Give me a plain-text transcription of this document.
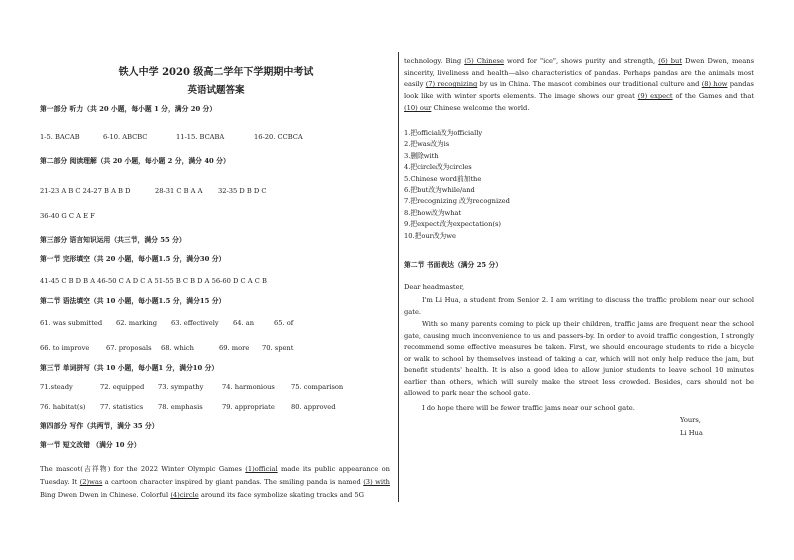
铁人中学 2020 级高二学年下学期期中考试
英语试题答案
第一部分 听力（共 20 小题，每小题 1 分，满分 20 分）
1-5. BACAB	6-10. ABCBC	11-15. BCABA	16-20. CCBCA
第二部分 阅读理解（共 20 小题，每小题 2 分，满分 40 分）
21-23 A B C 24-27 B A B D	28-31 C B A A 32-35 D B D C
36-40 G C A E F
第三部分 语言知识运用（共三节，满分 55 分）
第一节 完形填空（共 20 小题，每小题1.5 分，满分30 分）
41-45 C B D B A 46-50 C A D C A 51-55 B C B D A 56-60 D C A C B
第二节 语法填空（共 10 小题，每小题1.5 分，满分15 分）
61. was submitted 62. marking 63. effectively 64. an	65. of
66. to improve 67. proposals 68. which	69. more 70. spent
第三节 单词拼写（共 10 小题，每小题1 分，满分10 分）
71.steady	72. equipped 73. sympathy	74. harmonious 75. comparison
76. habitat(s) 77. statistics 78. emphasis	79. appropriate 80. approved
第四部分 写作（共两节，满分 35 分）
第一节 短文改错 （满分 10 分）
The mascot(吉祥物) for the 2022 Winter Olympic Games (1)official made its public appearance on Tuesday. It (2)was a cartoon character inspired by giant pandas. The smiling panda is named (3) with Bing Dwen Dwen in Chinese. Colorful (4)circle around its face symbolize skating tracks and 5G
technology. Bing (5) Chinese word for "ice", shows purity and strength, (6) but Dwen Dwen, means sincerity, liveliness and health—also characteristics of pandas. Perhaps pandas are the animals most easily (7) recognizing by us in China. The mascot combines our traditional culture and (8) how pandas look like with winter sports elements. The image shows our great (9) expect of the Games and that (10) our Chinese welcome the world.
1.把official改为officially
2.把was改为is
3.删除with
4.把circle改为circles
5.Chinese word前加the
6.把but改为while/and
7.把recognizing 改为recognized
8.把how改为what
9.把expect改为expectation(s)
10.把our改为we
第二节 书面表达（满分 25 分）
Dear headmaster,
I'm Li Hua, a student from Senior 2. I am writing to discuss the traffic problem near our school gate.
With so many parents coming to pick up their children, traffic jams are frequent near the school gate, causing much inconvenience to us and passers-by. In order to avoid traffic congestion, I strongly recommend some effective measures be taken. First, we should encourage students to ride a bicycle or walk to school by themselves instead of taking a car, which will not only help reduce the jam, but benefit students' health. It is also a good idea to allow junior students to leave school 10 minutes earlier than others, which will surely make the street less crowded. Besides, cars should not be allowed to park near the school gate.
I do hope there will be fewer traffic jams near our school gate.
Yours,
Li Hua
